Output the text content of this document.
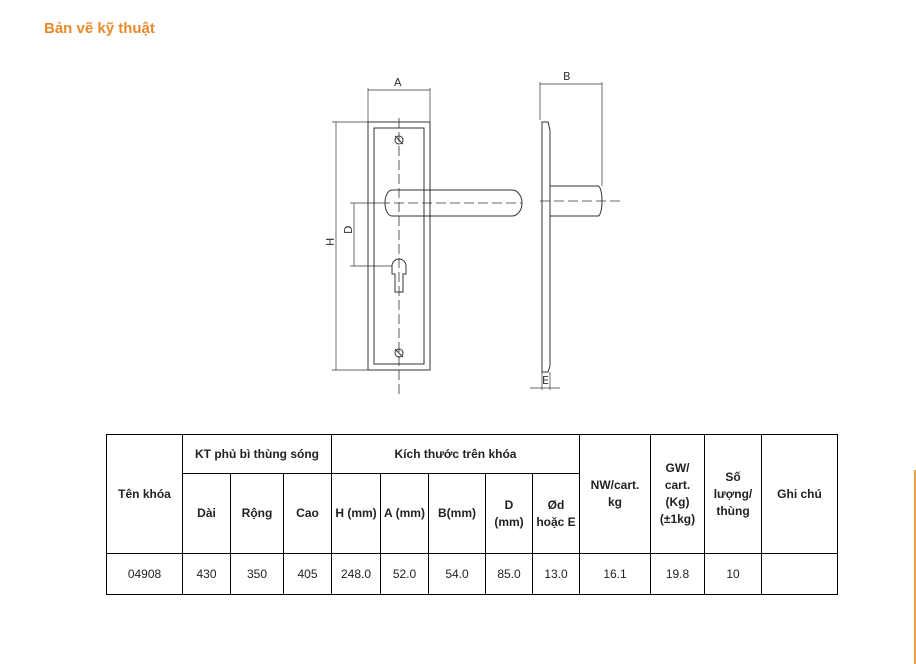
Bản vẽ kỹ thuật
A	B
H
D
E
Tên khóa	KT phủ bì thùng sóng			Kích thước trên khóa					NW/cart. kg	GW/ cart. (Kg) (±1kg)	Số lượng/ thùng	Ghi chú
	Dài	Rộng	Cao	H (mm)	A (mm)	B(mm)	D (mm)	Ød hoặc E				
04908	430	350	405	248.0	52.0	54.0	85.0	13.0	16.1	19.8	10	
